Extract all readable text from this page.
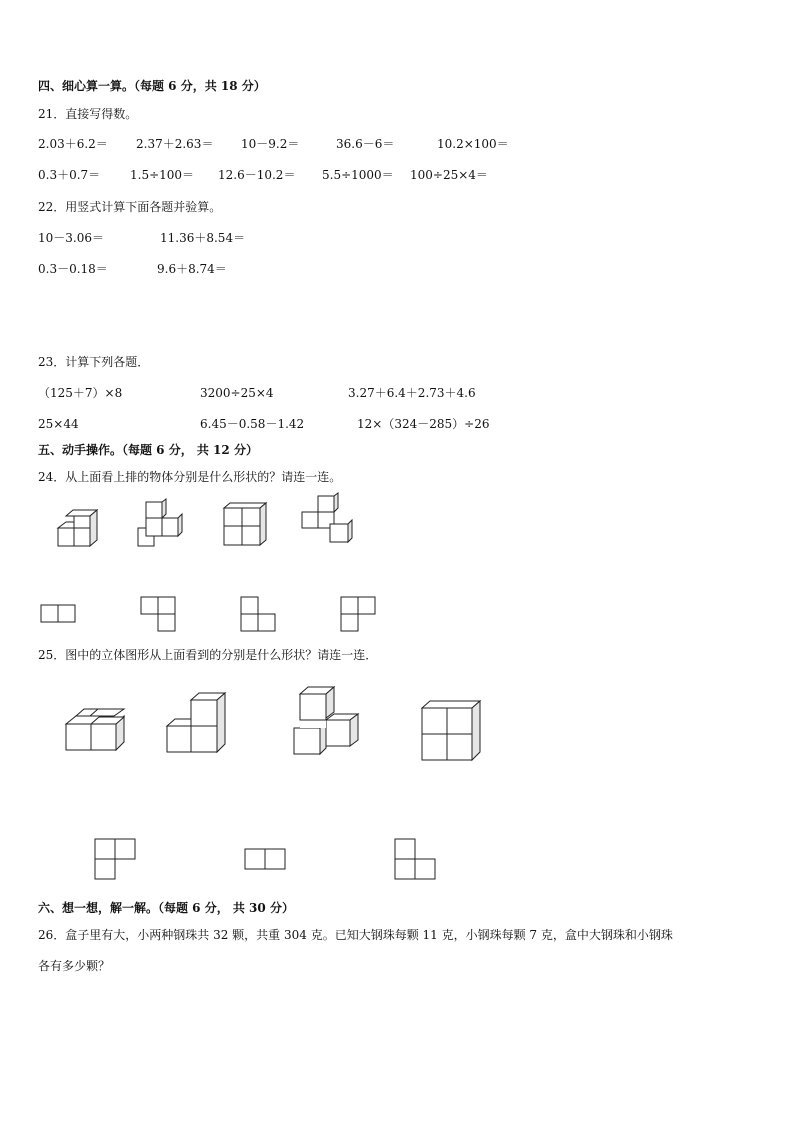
四、细心算一算。（每题 6 分，共 18 分）
21．直接写得数。
2.03＋6.2＝ 2.37＋2.63＝ 10－9.2＝	36.6－6＝	10.2×100＝
0.3＋0.7＝ 1.5÷100＝ 12.6－10.2＝ 5.5÷1000＝ 100÷25×4＝
22．用竖式计算下面各题并验算。
10－3.06＝	11.36＋8.54＝
0.3－0.18＝	9.6＋8.74＝
23．计算下列各题．
（125＋7）×8	3200÷25×4	3.27＋6.4＋2.73＋4.6
25×44	6.45－0.58－1.42	12×（324－285）÷26
五、动手操作。（每题 6 分， 共 12 分）
24．从上面看上排的物体分别是什么形状的？请连一连。
25．图中的立体图形从上面看到的分别是什么形状？请连一连．
六、想一想，解一解。（每题 6 分， 共 30 分）
26．盒子里有大，小两种钢珠共 32 颗，共重 304 克。已知大钢珠每颗 11 克，小钢珠每颗 7 克，盒中大钢珠和小钢珠
各有多少颗？
